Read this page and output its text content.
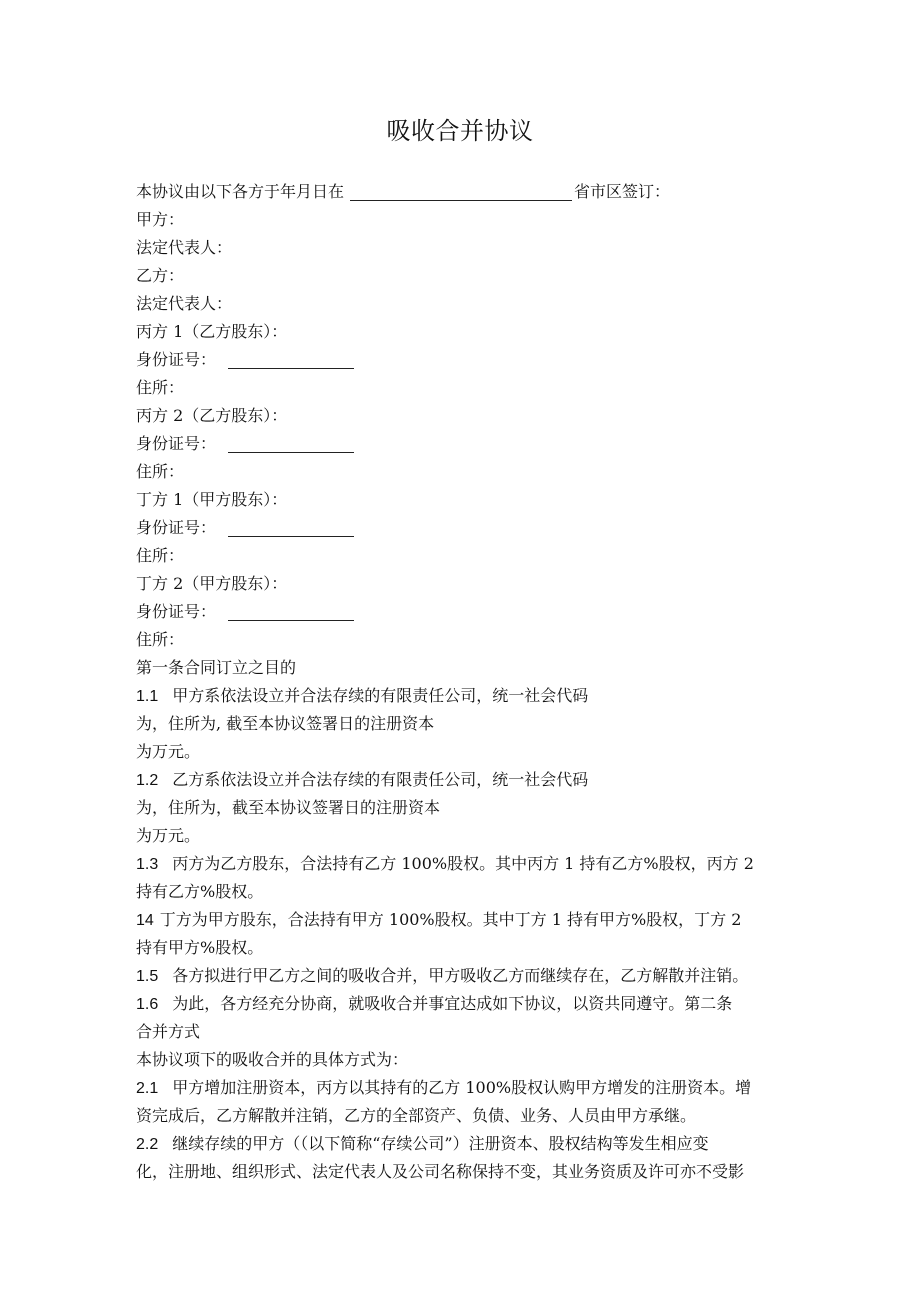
吸收合并协议
本协议由以下各方于年月日在	省市区签订：
甲方：
法定代表人：
乙方：
法定代表人：
丙方 1（乙方股东）：
身份证号：
住所：
丙方 2（乙方股东）：
身份证号：
住所：
丁方 1（甲方股东）：
身份证号：
住所：
丁方 2（甲方股东）：
身份证号：
住所：
第一条合同订立之目的
1.1 甲方系依法设立并合法存续的有限责任公司，统一社会代码
为，住所为, 截至本协议签署日的注册资本
为万元。
1.2 乙方系依法设立并合法存续的有限责任公司，统一社会代码
为，住所为，截至本协议签署日的注册资本
为万元。
1.3 丙方为乙方股东，合法持有乙方 100%股权。其中丙方 1 持有乙方%股权，丙方 2
持有乙方%股权。
14 丁方为甲方股东，合法持有甲方 100%股权。其中丁方 1 持有甲方%股权，丁方 2
持有甲方%股权。
1.5 各方拟进行甲乙方之间的吸收合并，甲方吸收乙方而继续存在，乙方解散并注销。
1.6 为此，各方经充分协商，就吸收合并事宜达成如下协议，以资共同遵守。第二条
合并方式
本协议项下的吸收合并的具体方式为：
2.1 甲方增加注册资本，丙方以其持有的乙方 100%股权认购甲方增发的注册资本。增
资完成后，乙方解散并注销，乙方的全部资产、负债、业务、人员由甲方承继。
2.2 继续存续的甲方（（以下简称“存续公司”）注册资本、股权结构等发生相应变
化，注册地、组织形式、法定代表人及公司名称保持不变，其业务资质及许可亦不受影
